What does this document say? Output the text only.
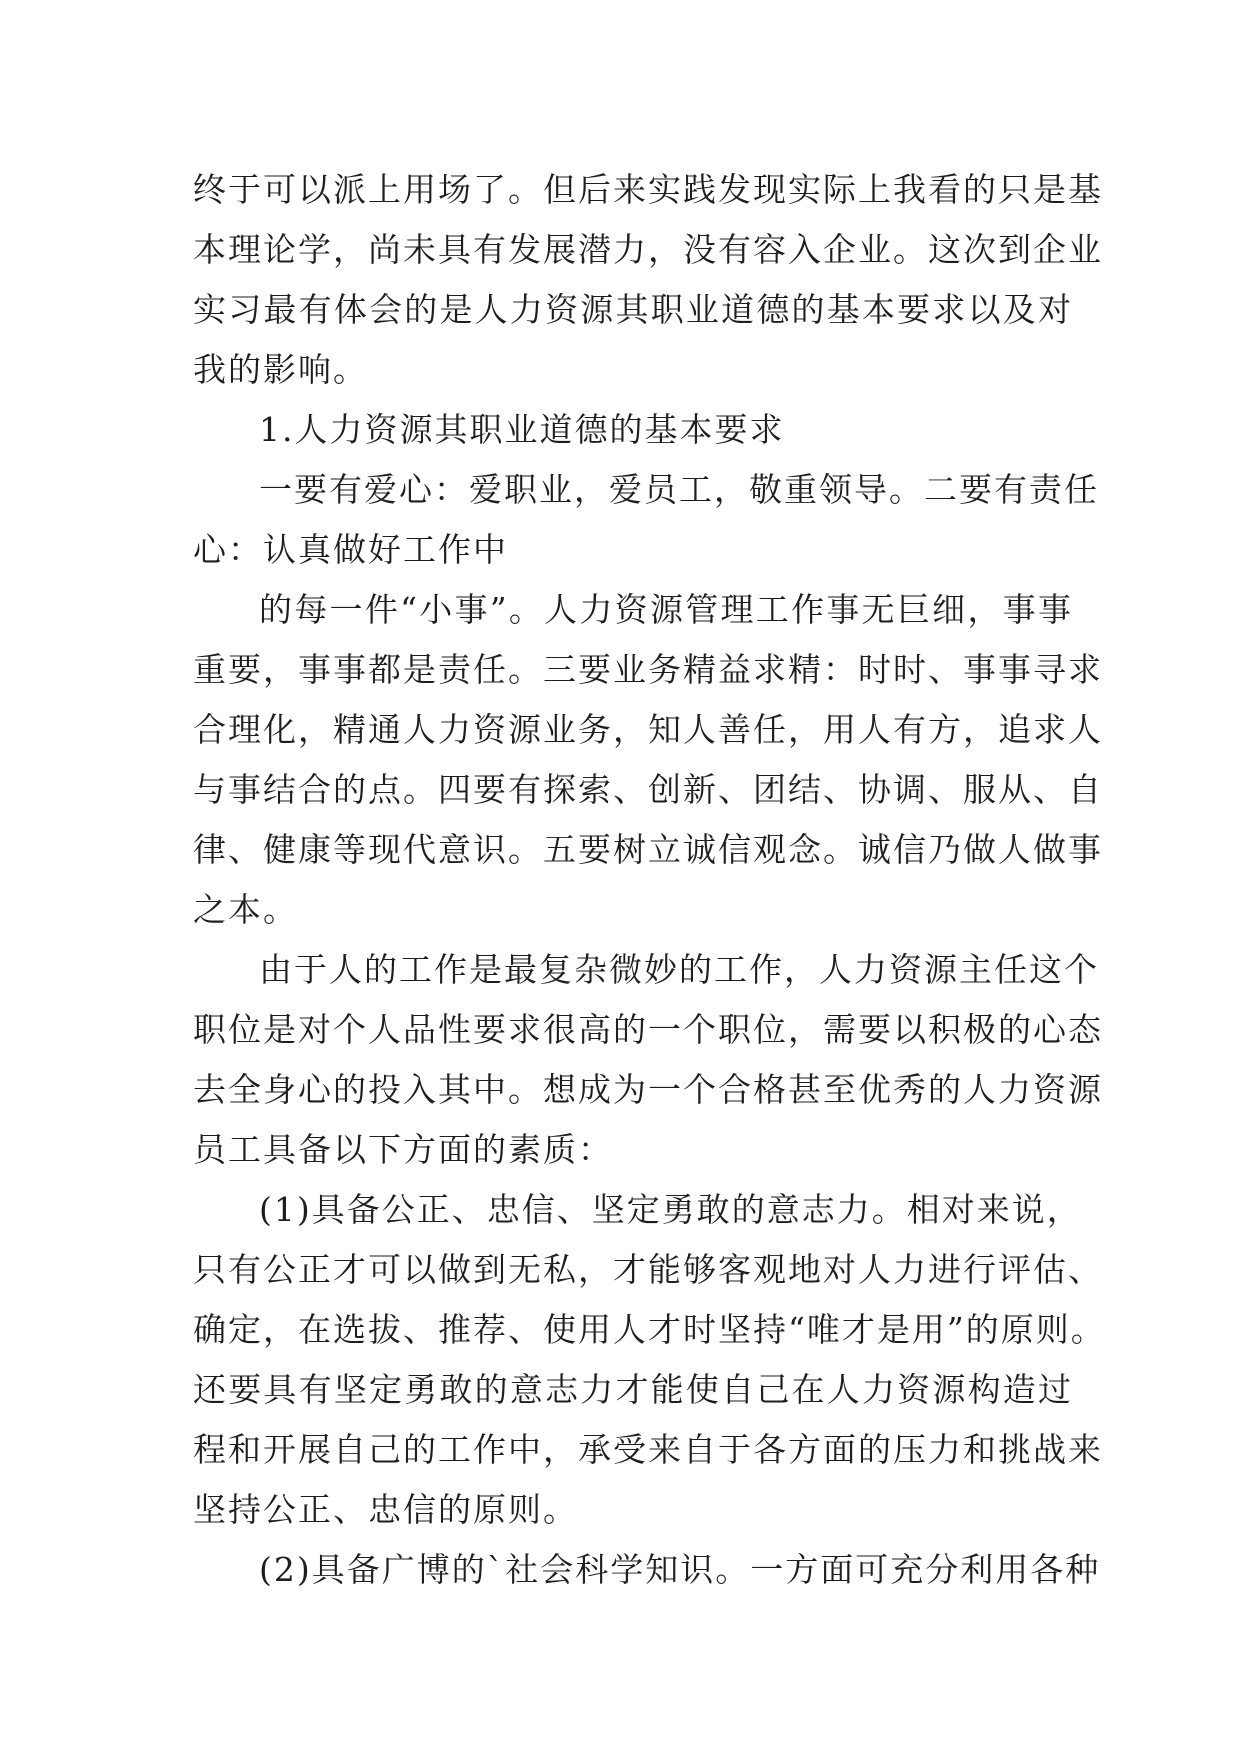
终于可以派上用场了。但后来实践发现实际上我看的只是基
本理论学，尚未具有发展潜力，没有容入企业。这次到企业
实习最有体会的是人力资源其职业道德的基本要求以及对
我的影响。
1.人力资源其职业道德的基本要求
一要有爱心：爱职业，爱员工，敬重领导。二要有责任
心：认真做好工作中
的每一件“小事”。人力资源管理工作事无巨细，事事
重要，事事都是责任。三要业务精益求精：时时、事事寻求
合理化，精通人力资源业务，知人善任，用人有方，追求人
与事结合的点。四要有探索、创新、团结、协调、服从、自
律、健康等现代意识。五要树立诚信观念。诚信乃做人做事
之本。
由于人的工作是最复杂微妙的工作，人力资源主任这个
职位是对个人品性要求很高的一个职位，需要以积极的心态
去全身心的投入其中。想成为一个合格甚至优秀的人力资源
员工具备以下方面的素质：
(1)具备公正、忠信、坚定勇敢的意志力。相对来说，
只有公正才可以做到无私，才能够客观地对人力进行评估、
确定，在选拔、推荐、使用人才时坚持“唯才是用”的原则。
还要具有坚定勇敢的意志力才能使自己在人力资源构造过
程和开展自己的工作中，承受来自于各方面的压力和挑战来
坚持公正、忠信的原则。
(2)具备广博的`社会科学知识。一方面可充分利用各种
